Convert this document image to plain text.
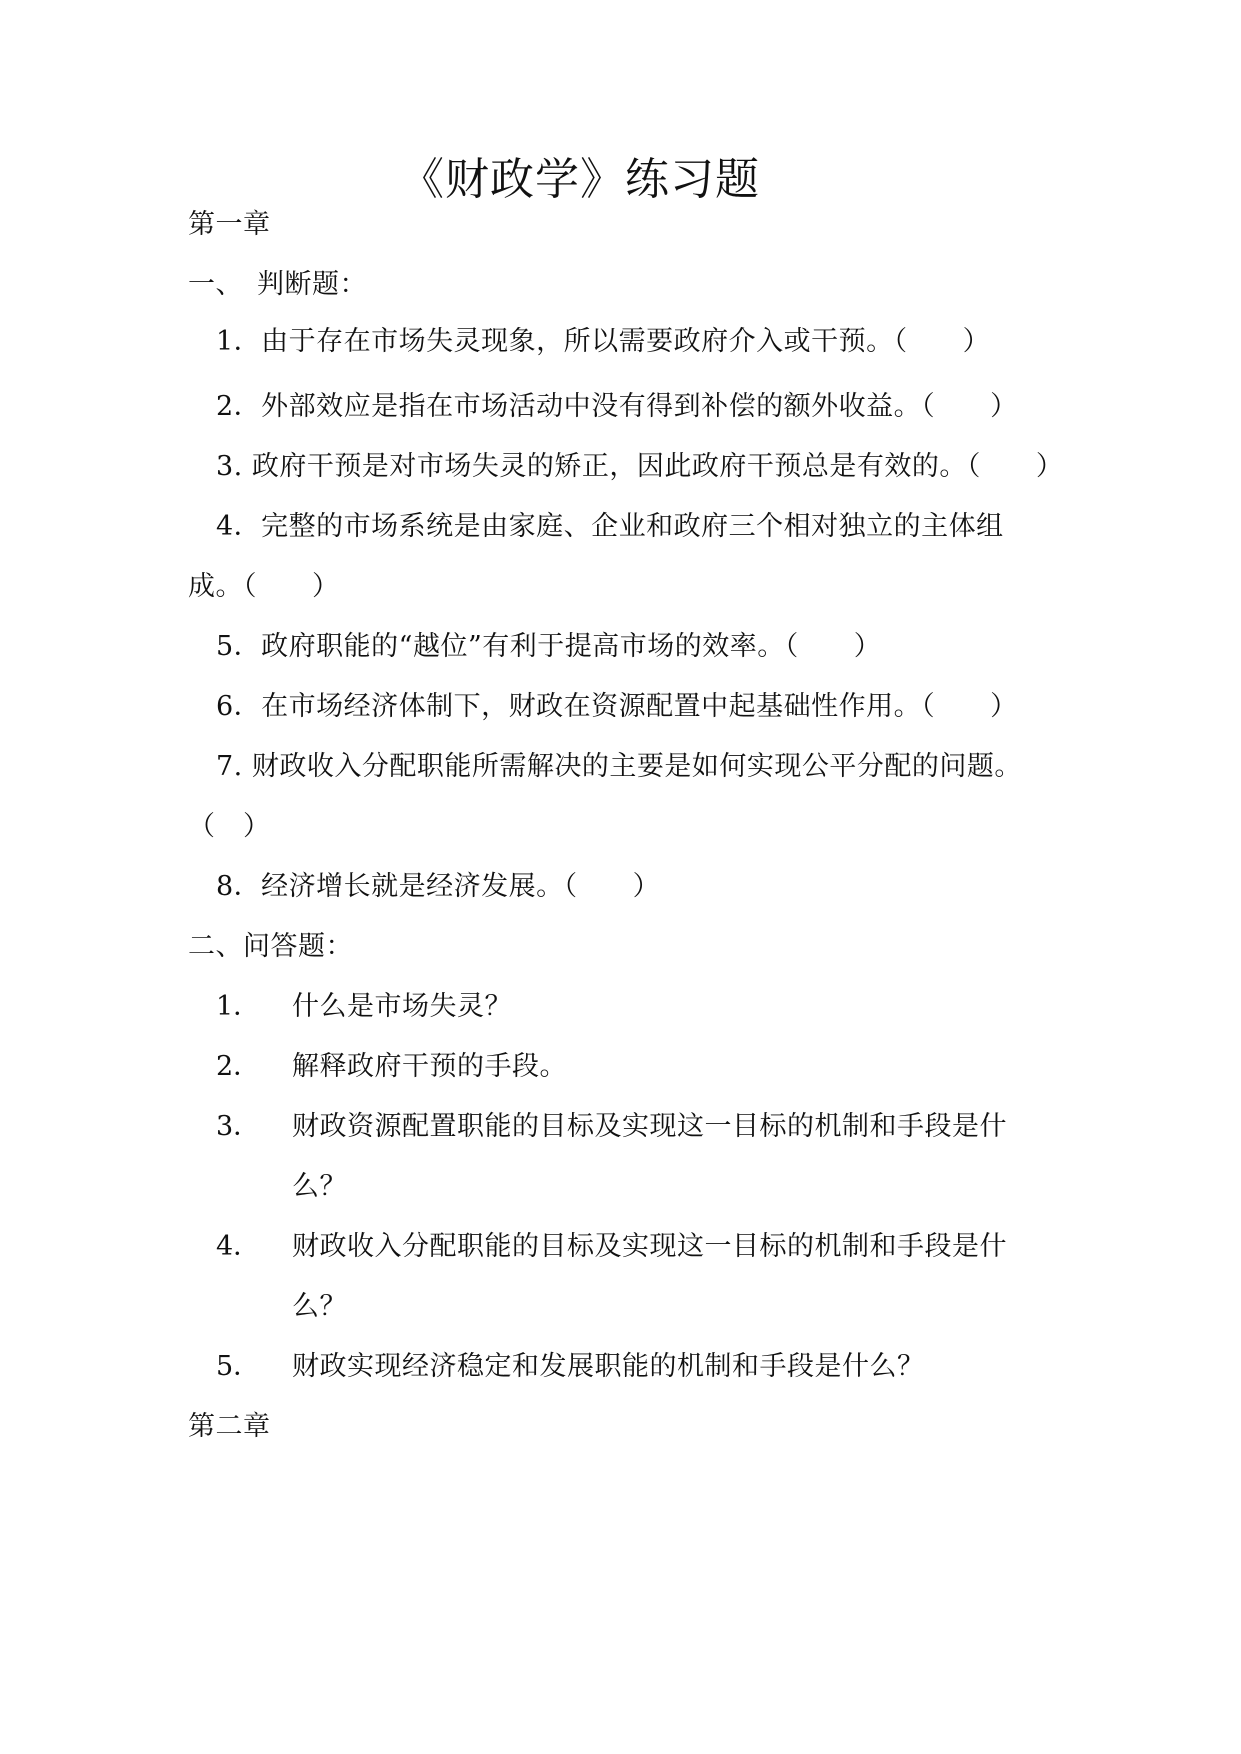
《财政学》练习题
第一章
一、　判断题：
1．由于存在市场失灵现象，所以需要政府介入或干预。（　　）
2．外部效应是指在市场活动中没有得到补偿的额外收益。（　　）
3. 政府干预是对市场失灵的矫正，因此政府干预总是有效的。（　　）
4．完整的市场系统是由家庭、企业和政府三个相对独立的主体组
成。（　　）
5．政府职能的“越位”有利于提高市场的效率。（　　）
6．在市场经济体制下，财政在资源配置中起基础性作用。（　　）
7. 财政收入分配职能所需解决的主要是如何实现公平分配的问题。
（　）
8．经济增长就是经济发展。（　　）
二、问答题：
1． 什么是市场失灵？
2． 解释政府干预的手段。
3． 财政资源配置职能的目标及实现这一目标的机制和手段是什
么？
4． 财政收入分配职能的目标及实现这一目标的机制和手段是什
么？
5． 财政实现经济稳定和发展职能的机制和手段是什么？
第二章
